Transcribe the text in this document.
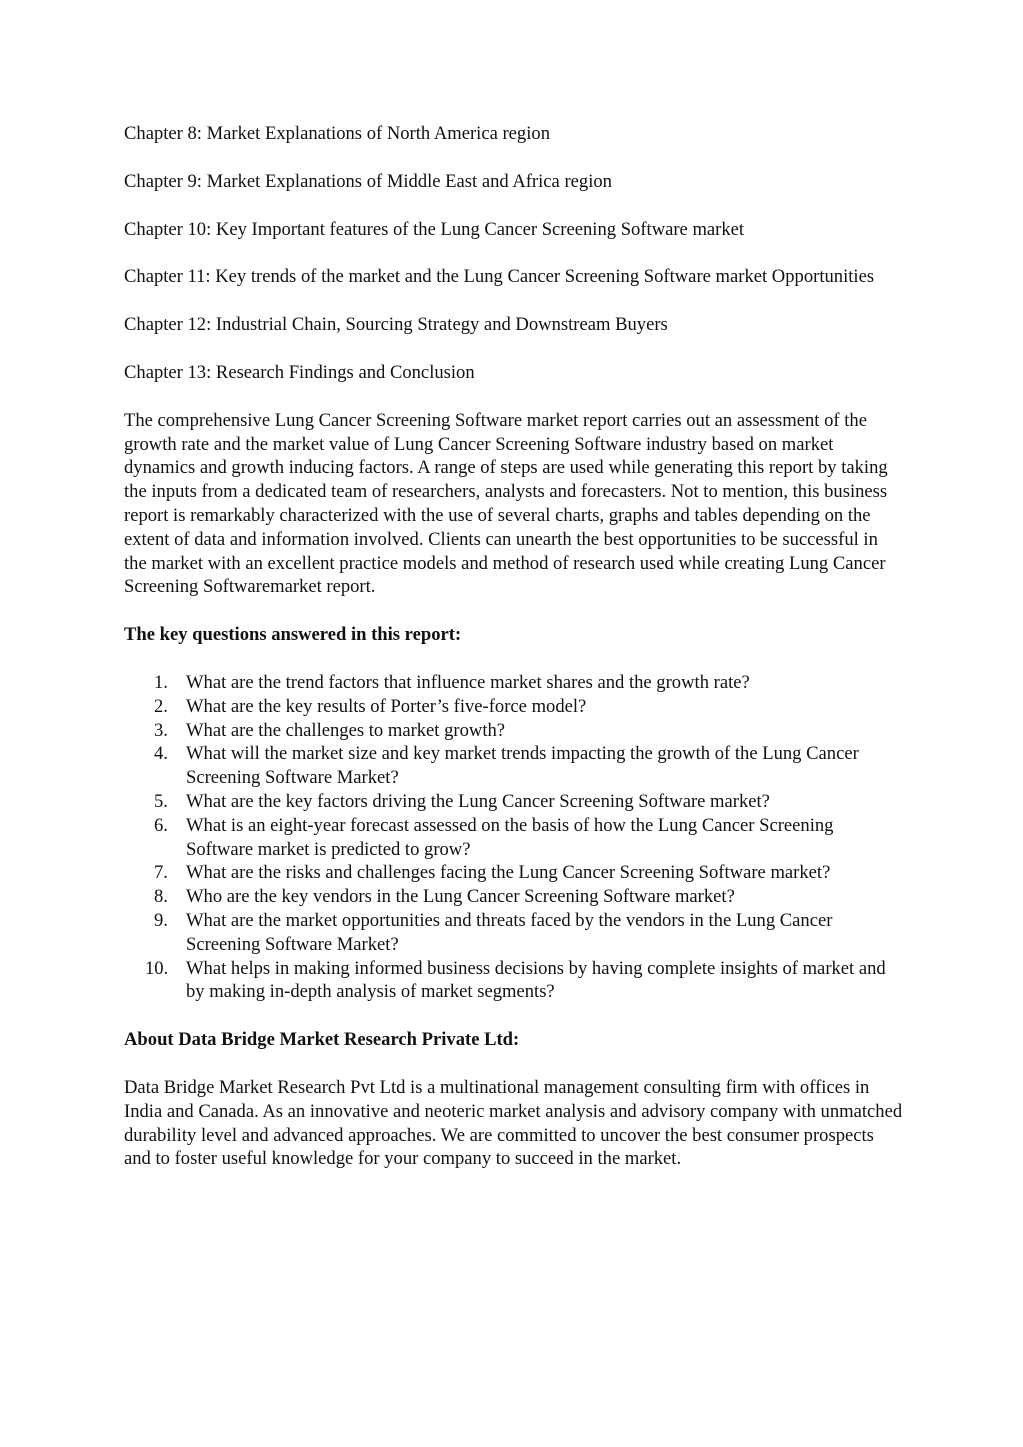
Chapter 8: Market Explanations of North America region

Chapter 9: Market Explanations of Middle East and Africa region

Chapter 10: Key Important features of the Lung Cancer Screening Software market

Chapter 11: Key trends of the market and the Lung Cancer Screening Software market Opportunities

Chapter 12: Industrial Chain, Sourcing Strategy and Downstream Buyers

Chapter 13: Research Findings and Conclusion

The comprehensive Lung Cancer Screening Software market report carries out an assessment of the growth rate and the market value of Lung Cancer Screening Software industry based on market dynamics and growth inducing factors. A range of steps are used while generating this report by taking the inputs from a dedicated team of researchers, analysts and forecasters. Not to mention, this business report is remarkably characterized with the use of several charts, graphs and tables depending on the extent of data and information involved. Clients can unearth the best opportunities to be successful in the market with an excellent practice models and method of research used while creating Lung Cancer Screening Softwaremarket report.

The key questions answered in this report:

1. What are the trend factors that influence market shares and the growth rate?
2. What are the key results of Porter’s five-force model?
3. What are the challenges to market growth?
4. What will the market size and key market trends impacting the growth of the Lung Cancer Screening Software Market?
5. What are the key factors driving the Lung Cancer Screening Software market?
6. What is an eight-year forecast assessed on the basis of how the Lung Cancer Screening Software market is predicted to grow?
7. What are the risks and challenges facing the Lung Cancer Screening Software market?
8. Who are the key vendors in the Lung Cancer Screening Software market?
9. What are the market opportunities and threats faced by the vendors in the Lung Cancer Screening Software Market?
10. What helps in making informed business decisions by having complete insights of market and by making in-depth analysis of market segments?

About Data Bridge Market Research Private Ltd:

Data Bridge Market Research Pvt Ltd is a multinational management consulting firm with offices in India and Canada. As an innovative and neoteric market analysis and advisory company with unmatched durability level and advanced approaches. We are committed to uncover the best consumer prospects and to foster useful knowledge for your company to succeed in the market.
